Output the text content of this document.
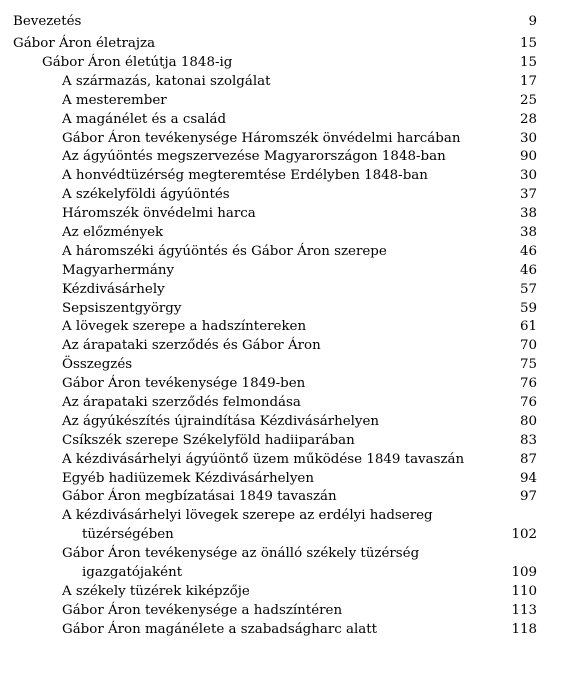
Bevezetés	9
Gábor Áron életrajza	15
Gábor Áron életútja 1848-ig	15
A származás, katonai szolgálat	17
A mesterember	25
A magánélet és a család	28
Gábor Áron tevékenysége Háromszék önvédelmi harcában	30
Az ágyúöntés megszervezése Magyarországon 1848-ban	90
A honvédtüzérség megteremtése Erdélyben 1848-ban	30
A székelyföldi ágyúöntés	37
Háromszék önvédelmi harca	38
Az előzmények	38
A háromszéki ágyúöntés és Gábor Áron szerepe	46
Magyarhermány	46
Kézdivásárhely	57
Sepsiszentgyörgy	59
A lövegek szerepe a hadszíntereken	61
Az árapataki szerződés és Gábor Áron	70
Összegzés	75
Gábor Áron tevékenysége 1849-ben	76
Az árapataki szerződés felmondása	76
Az ágyúkészítés újraindítása Kézdivásárhelyen	80
Csíkszék szerepe Székelyföld hadiiparában	83
A kézdivásárhelyi ágyúöntő üzem működése 1849 tavaszán	87
Egyéb hadiüzemek Kézdivásárhelyen	94
Gábor Áron megbízatásai 1849 tavaszán	97
A kézdivásárhelyi lövegek szerepe az erdélyi hadsereg
tüzérségében	102
Gábor Áron tevékenysége az önálló székely tüzérség
igazgatójaként	109
A székely tüzérek kiképzője	110
Gábor Áron tevékenysége a hadszíntéren	113
Gábor Áron magánélete a szabadságharc alatt	118
